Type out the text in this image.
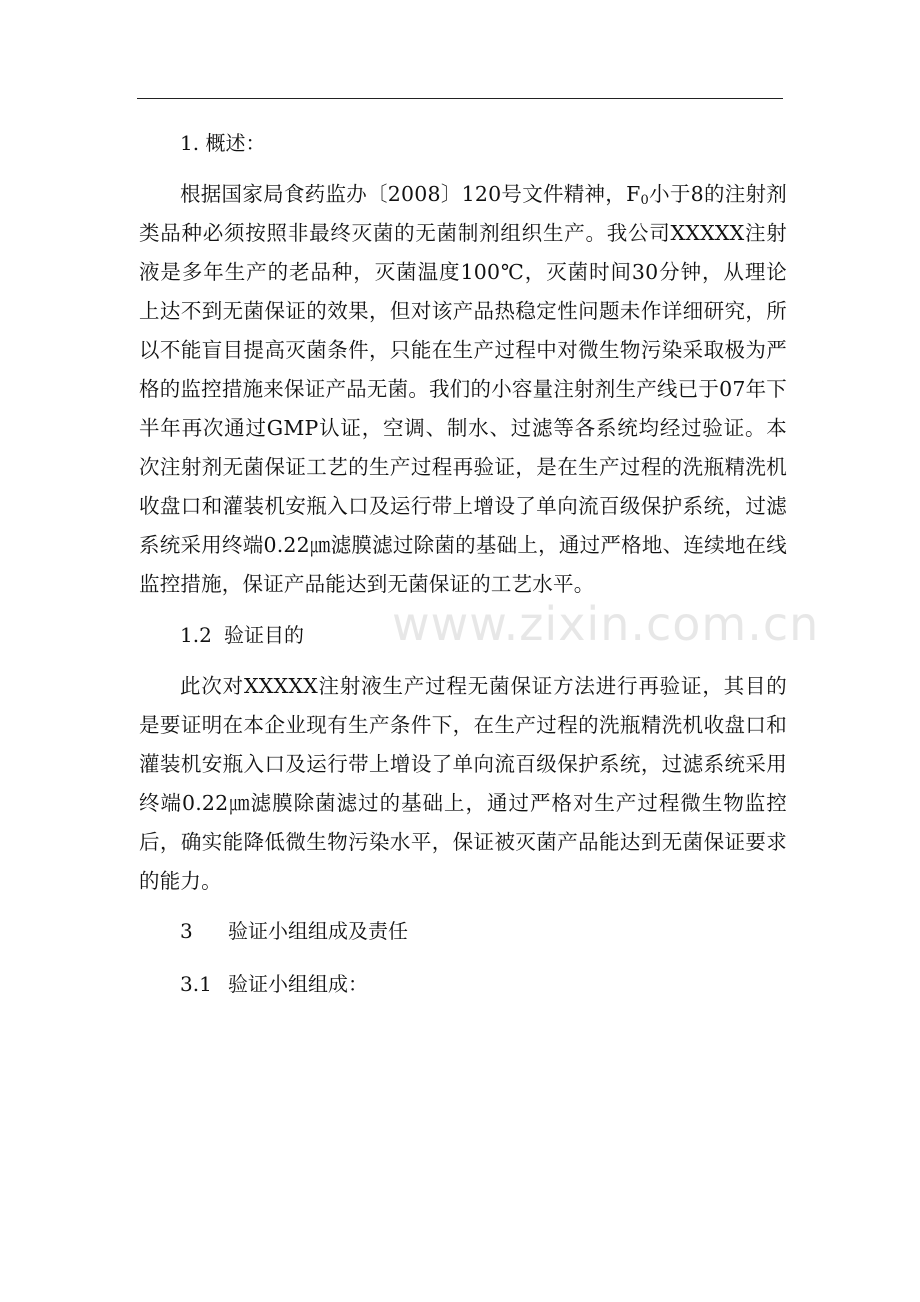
1. 概述：

根据国家局食药监办〔2008〕120号文件精神，$F_0$小于8的注射剂类品种必须按照非最终灭菌的无菌制剂组织生产。我公司XXXXX注射液是多年生产的老品种，灭菌温度100℃，灭菌时间30分钟，从理论上达不到无菌保证的效果，但对该产品热稳定性问题未作详细研究，所以不能盲目提高灭菌条件，只能在生产过程中对微生物污染采取极为严格的监控措施来保证产品无菌。我们的小容量注射剂生产线已于07年下半年再次通过GMP认证，空调、制水、过滤等各系统均经过验证。本次注射剂无菌保证工艺的生产过程再验证，是在生产过程的洗瓶精洗机收盘口和灌装机安瓶入口及运行带上增设了单向流百级保护系统，过滤系统采用终端0.22㎛滤膜滤过除菌的基础上，通过严格地、连续地在线监控措施，保证产品能达到无菌保证的工艺水平。

1.2 验证目的

此次对XXXXX注射液生产过程无菌保证方法进行再验证，其目的是要证明在本企业现有生产条件下，在生产过程的洗瓶精洗机收盘口和灌装机安瓶入口及运行带上增设了单向流百级保护系统，过滤系统采用终端0.22㎛滤膜除菌滤过的基础上，通过严格对生产过程微生物监控后，确实能降低微生物污染水平，保证被灭菌产品能达到无菌保证要求的能力。

3 验证小组组成及责任
3.1 验证小组组成：
www.zixin.com.cn
